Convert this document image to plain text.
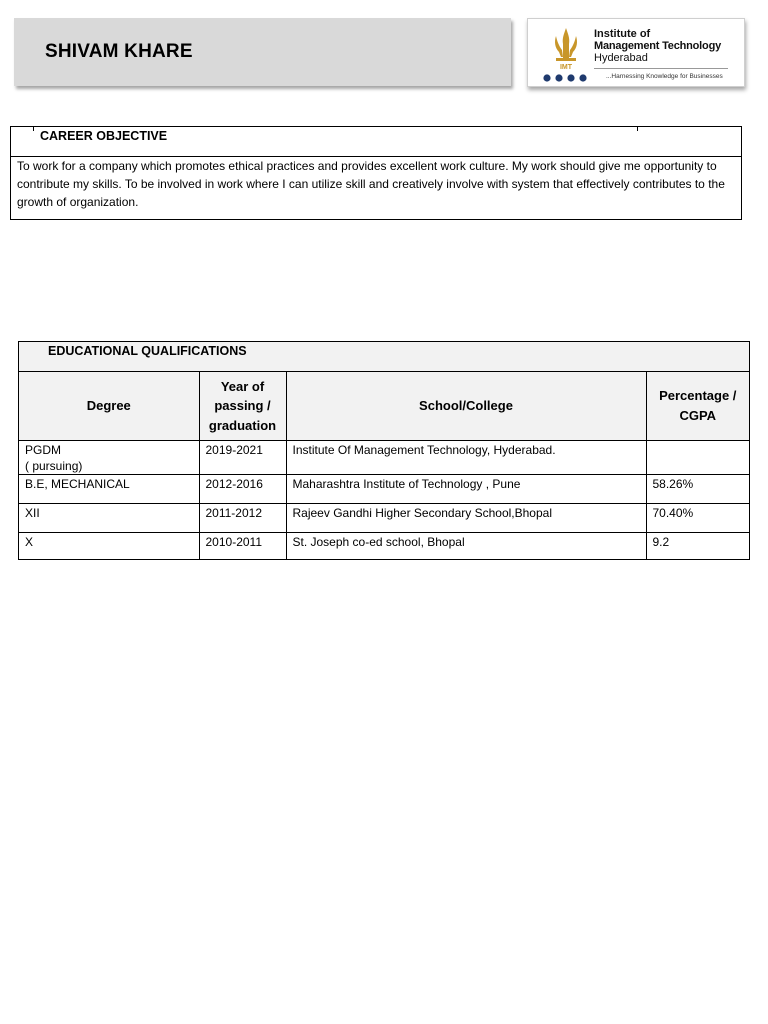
SHIVAM KHARE
IMT
Institute of
Management Technology
Hyderabad
...Harnessing Knowledge for Businesses
CAREER OBJECTIVE
To work for a company which promotes ethical practices and provides excellent work culture. My work should give me opportunity to contribute my skills. To be involved in work where I can utilize skill and creatively involve with system that effectively contributes to the growth of organization.
EDUCATIONAL QUALIFICATIONS
Degree	Year of passing / graduation	School/College	Percentage / CGPA

PGDM
( pursuing)	2019-2021	Institute Of Management Technology, Hyderabad.	
B.E, MECHANICAL	2012-2016	Maharashtra Institute of Technology , Pune	58.26%
XII	2011-2012	Rajeev Gandhi Higher Secondary School,Bhopal	70.40%
X	2010-2011	St. Joseph co-ed school, Bhopal	9.2
